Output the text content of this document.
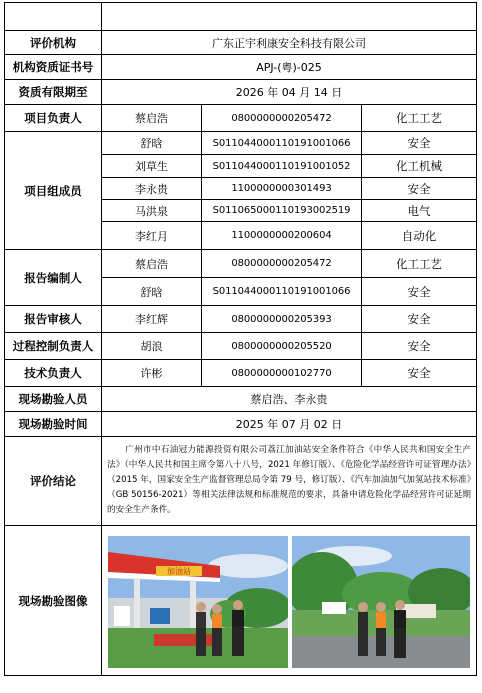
评价机构	广东正宇利康安全科技有限公司		
机构资质证书号	APJ-(粤)-025		
资质有限期至	2026 年 04 月 14 日		
项目负责人	蔡启浩	0800000000205472	化工工艺
项目组成员	舒晗	S011044000110191001066	安全
	刘草生	S011044000110191001052	化工机械
	李永贵	1100000000301493	安全
	马洪泉	S011065000110193002519	电气
	李红月	1100000000200604	自动化
报告编制人	蔡启浩	0800000000205472	化工工艺
	舒晗	S011044000110191001066	安全
报告审核人	李红辉	0800000000205393	安全
过程控制负责人	胡浪	0800000000205520	安全
技术负责人	许彬	0800000000102770	安全
现场勘验人员	蔡启浩、李永贵		
现场勘验时间	2025 年 07 月 02 日		
评价结论	广州市中石油冠力能源投资有限公司荔江加油站安全条件符合《中华人民共和国安全生产法》（中华人民共和国主席令第八十八号，2021 年修订版）、《危险化学品经营许可证管理办法》（2015 年，国家安全生产监督管理总局令第 79 号，修订版）、《汽车加油加气加氢站技术标准》（GB 50156-2021）等相关法律法规和标准规范的要求，具备申请危险化学品经营许可证延期的安全生产条件。		
现场勘验图像	加油站		
